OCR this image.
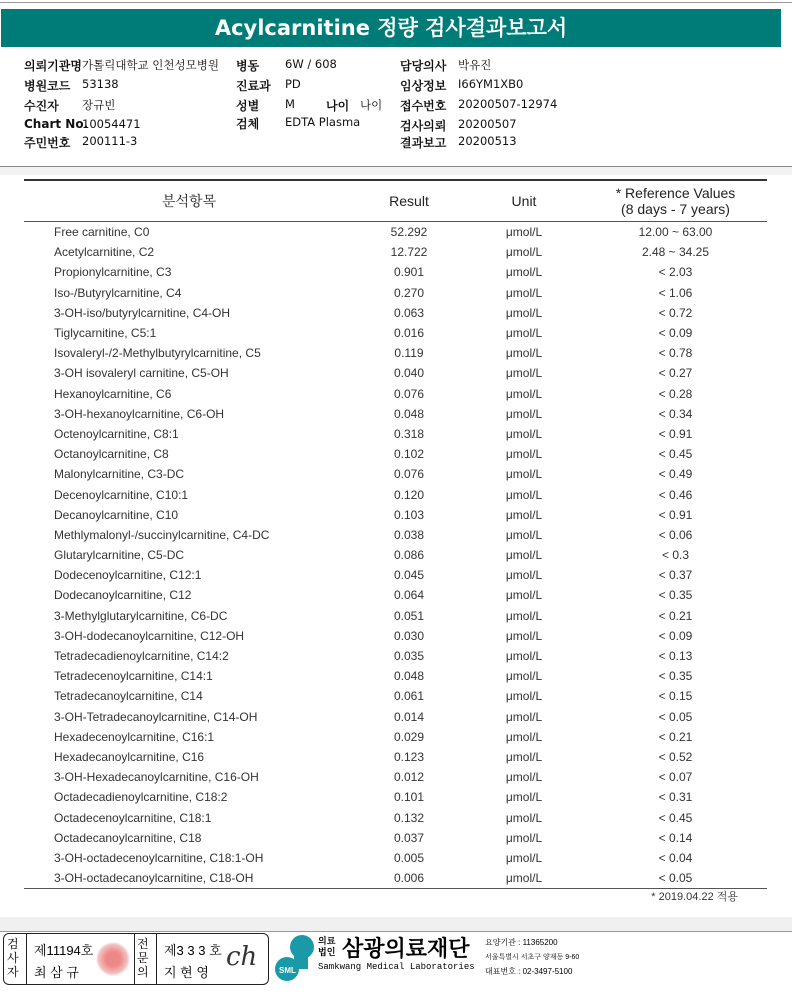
Acylcarnitine 정량 검사결과보고서
의뢰기관명 가톨릭대학교 인천성모병원 병동 6W / 608	담당의사 박유진
병원코드 53138	진료과 PD	임상정보 I66YM1XB0
수진자 장규빈	성별 M	나이 나이 접수번호 20200507-12974
Chart No.
10054471	검체 EDTA Plasma	검사의뢰 20200507
주민번호 200111-3	결과보고 20200513
분석항목	Result	Unit	* Reference Values
(8 days - 7 years)

Free carnitine, C0	52.292	μmol/L	12.00 ~ 63.00
Acetylcarnitine, C2	12.722	μmol/L	2.48 ~ 34.25
Propionylcarnitine, C3	0.901	μmol/L	< 2.03
Iso-/Butyrylcarnitine, C4	0.270	μmol/L	< 1.06
3-OH-iso/butyrylcarnitine, C4-OH	0.063	μmol/L	< 0.72
Tiglycarnitine, C5:1	0.016	μmol/L	< 0.09
Isovaleryl-/2-Methylbutyrylcarnitine, C5	0.119	μmol/L	< 0.78
3-OH isovaleryl carnitine, C5-OH	0.040	μmol/L	< 0.27
Hexanoylcarnitine, C6	0.076	μmol/L	< 0.28
3-OH-hexanoylcarnitine, C6-OH	0.048	μmol/L	< 0.34
Octenoylcarnitine, C8:1	0.318	μmol/L	< 0.91
Octanoylcarnitine, C8	0.102	μmol/L	< 0.45
Malonylcarnitine, C3-DC	0.076	μmol/L	< 0.49
Decenoylcarnitine, C10:1	0.120	μmol/L	< 0.46
Decanoylcarnitine, C10	0.103	μmol/L	< 0.91
Methlymalonyl-/succinylcarnitine, C4-DC	0.038	μmol/L	< 0.06
Glutarylcarnitine, C5-DC	0.086	μmol/L	< 0.3
Dodecenoylcarnitine, C12:1	0.045	μmol/L	< 0.37
Dodecanoylcarnitine, C12	0.064	μmol/L	< 0.35
3-Methylglutarylcarnitine, C6-DC	0.051	μmol/L	< 0.21
3-OH-dodecanoylcarnitine, C12-OH	0.030	μmol/L	< 0.09
Tetradecadienoylcarnitine, C14:2	0.035	μmol/L	< 0.13
Tetradecenoylcarnitine, C14:1	0.048	μmol/L	< 0.35
Tetradecanoylcarnitine, C14	0.061	μmol/L	< 0.15
3-OH-Tetradecanoylcarnitine, C14-OH	0.014	μmol/L	< 0.05
Hexadecenoylcarnitine, C16:1	0.029	μmol/L	< 0.21
Hexadecanoylcarnitine, C16	0.123	μmol/L	< 0.52
3-OH-Hexadecanoylcarnitine, C16-OH	0.012	μmol/L	< 0.07
Octadecadienoylcarnitine, C18:2	0.101	μmol/L	< 0.31
Octadecenoylcarnitine, C18:1	0.132	μmol/L	< 0.45
Octadecanoylcarnitine, C18	0.037	μmol/L	< 0.14
3-OH-octadecenoylcarnitine, C18:1-OH	0.005	μmol/L	< 0.04
3-OH-octadecanoylcarnitine, C18-OH	0.006	μmol/L	< 0.05
* 2019.04.22 적용
검사자
제11194호
최 삼 규
전문의
제3 3 3 호
지 현 영
ch	SML
의료법인 삼광의료재단
Samkwang Medical Laboratories
요양기관 : 11365200
서울특별시 서초구 양재동 9-60
대표번호 : 02-3497-5100
